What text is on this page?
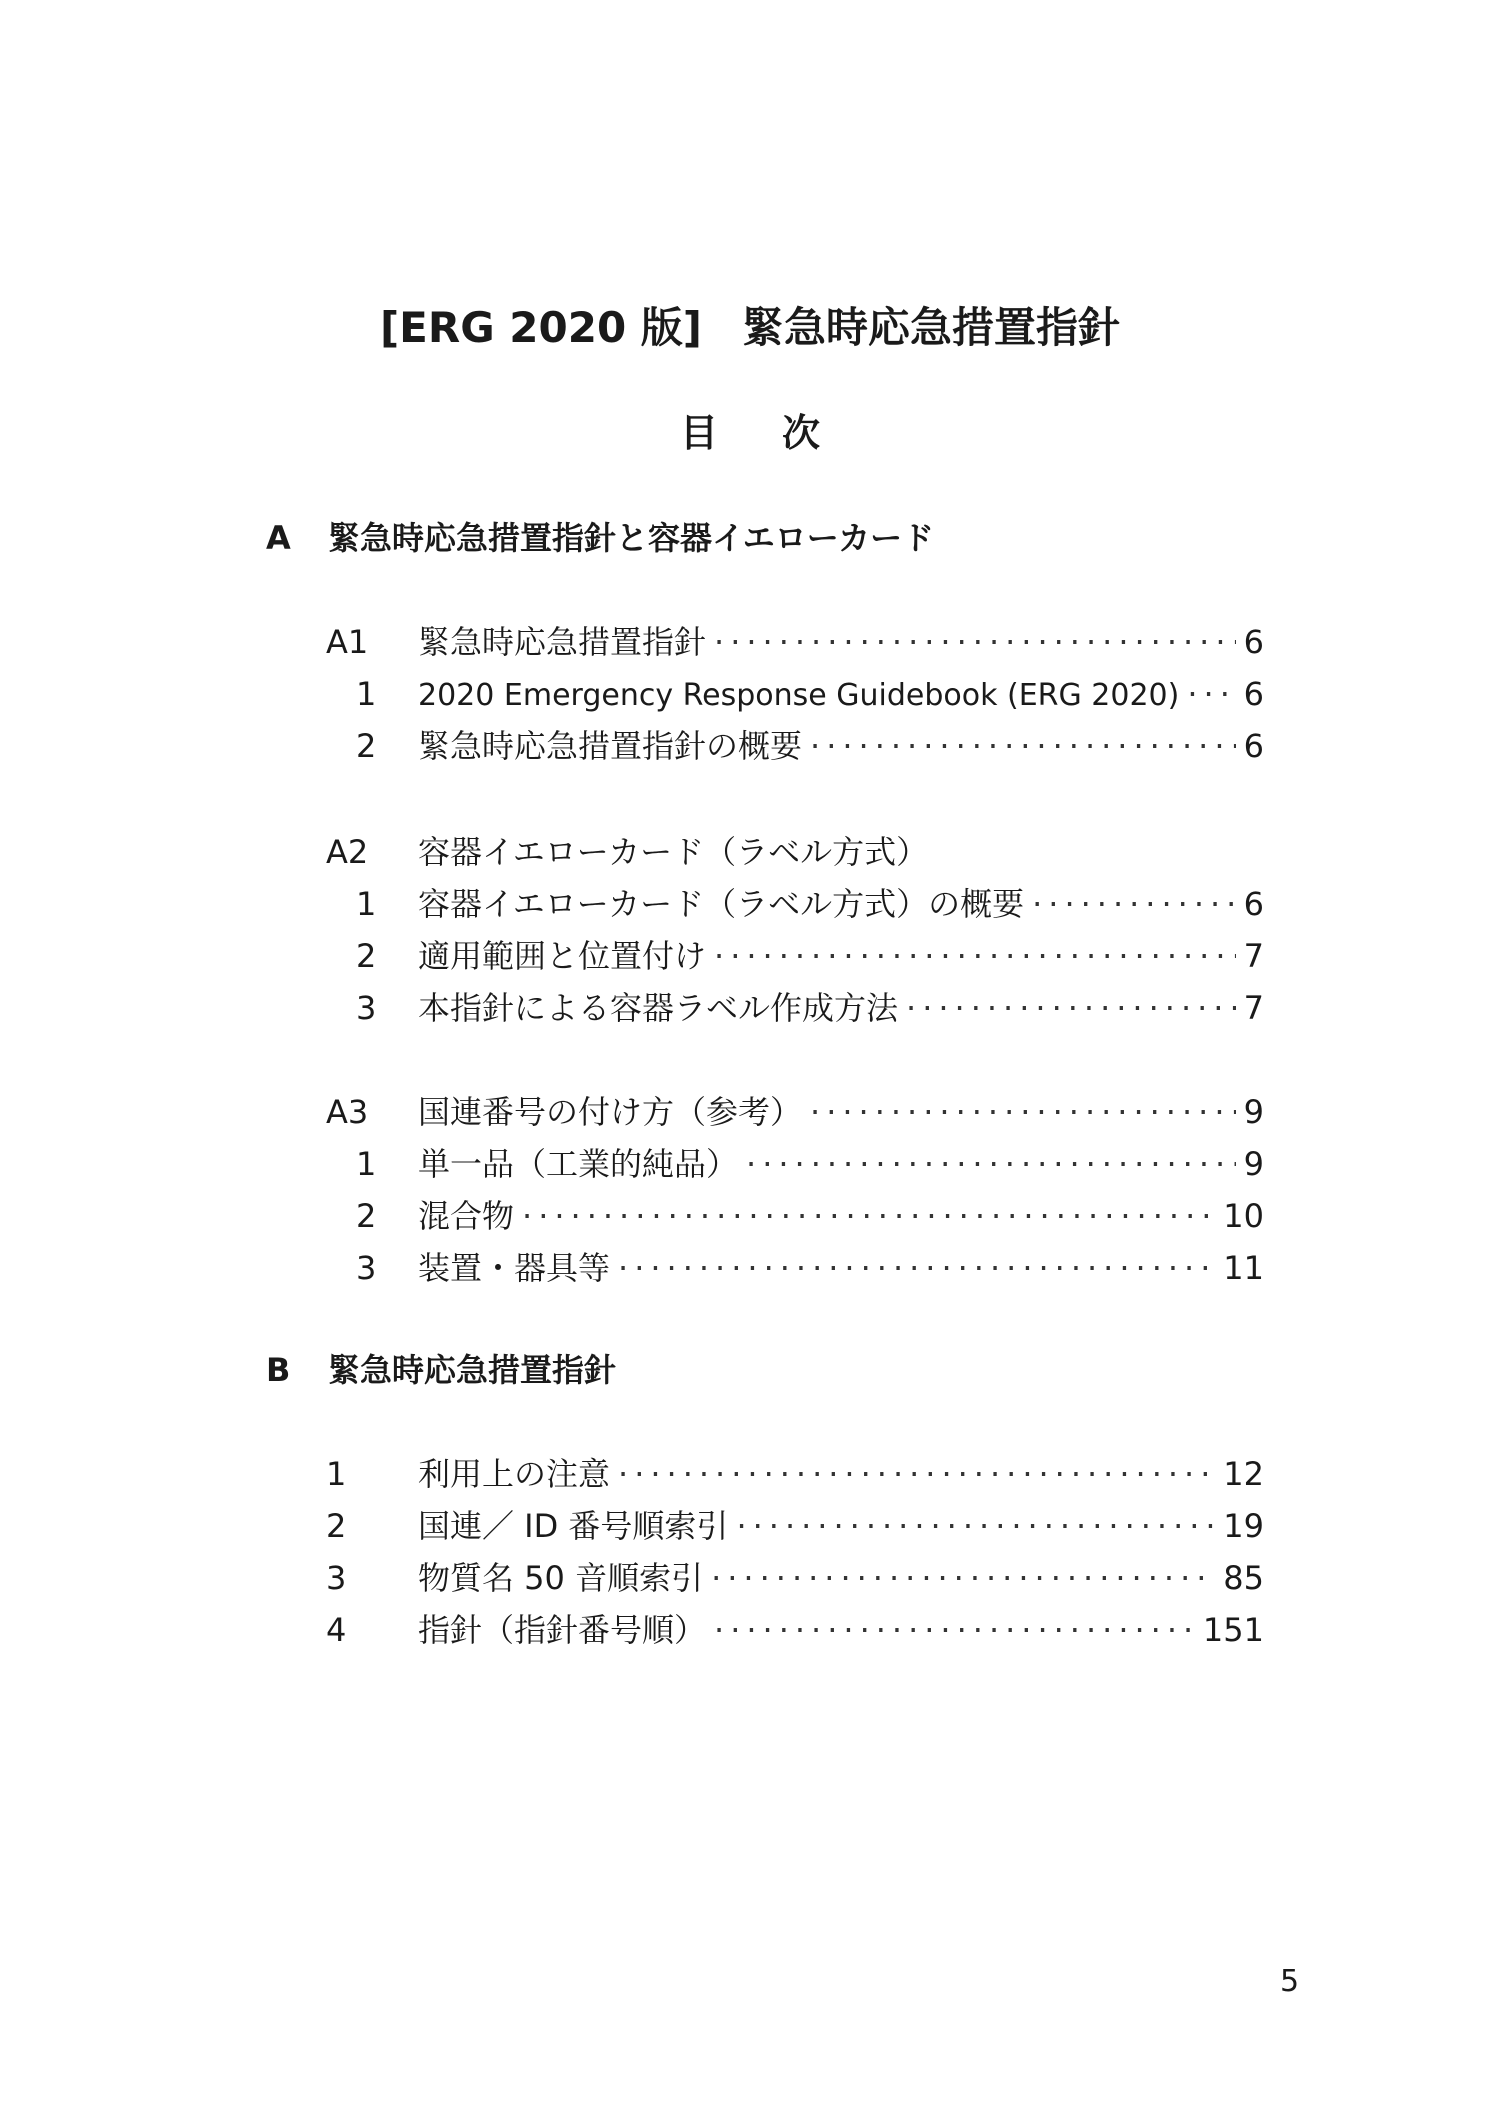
[ERG 2020 版] 緊急時応急措置指針
目 次
A 緊急時応急措置指針と容器イエローカード
A1	緊急時応急措置指針 ·····	6
1	2020 Emergency Response Guidebook (ERG 2020) ····· 6
2	緊急時応急措置指針の概要 ·····	6
A2	容器イエローカード（ラベル方式）
1	容器イエローカード（ラベル方式）の概要 ·····	6
2	適用範囲と位置付け ·····	7
3	本指針による容器ラベル作成方法 ·····	7
A3	国連番号の付け方（参考） ·····	9
1	単一品（工業的純品） ·····	9
2	混合物 ·····	10
3	装置・器具等 ·····	11
B 緊急時応急措置指針
1	利用上の注意 ·····	12
2	国連／ ID 番号順索引 ·····	19
3	物質名 50 音順索引 ·····	85
4	指針（指針番号順） ·····	151
5
